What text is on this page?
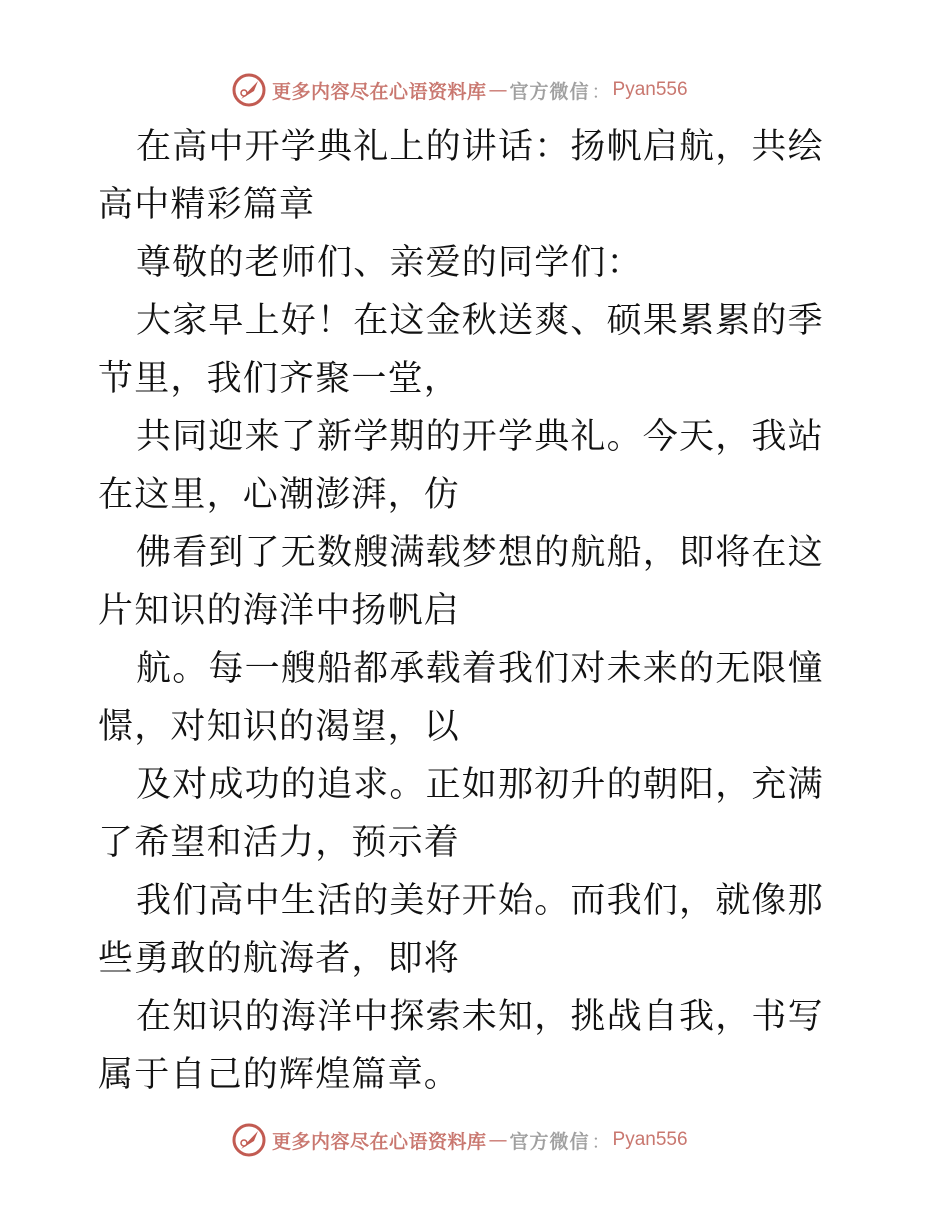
更多内容尽在心语资料库 — 官方微信 ： Pyan556

在高中开学典礼上的讲话：扬帆启航，共绘高中精彩篇章

尊敬的老师们、亲爱的同学们：

大家早上好！在这金秋送爽、硕果累累的季节里，我们齐聚一堂，

共同迎来了新学期的开学典礼。今天，我站在这里，心潮澎湃，仿

佛看到了无数艘满载梦想的航船，即将在这片知识的海洋中扬帆启

航。每一艘船都承载着我们对未来的无限憧憬，对知识的渴望，以

及对成功的追求。正如那初升的朝阳，充满了希望和活力，预示着

我们高中生活的美好开始。而我们，就像那些勇敢的航海者，即将

在知识的海洋中探索未知，挑战自我，书写属于自己的辉煌篇章。

更多内容尽在心语资料库 — 官方微信 ： Pyan556
